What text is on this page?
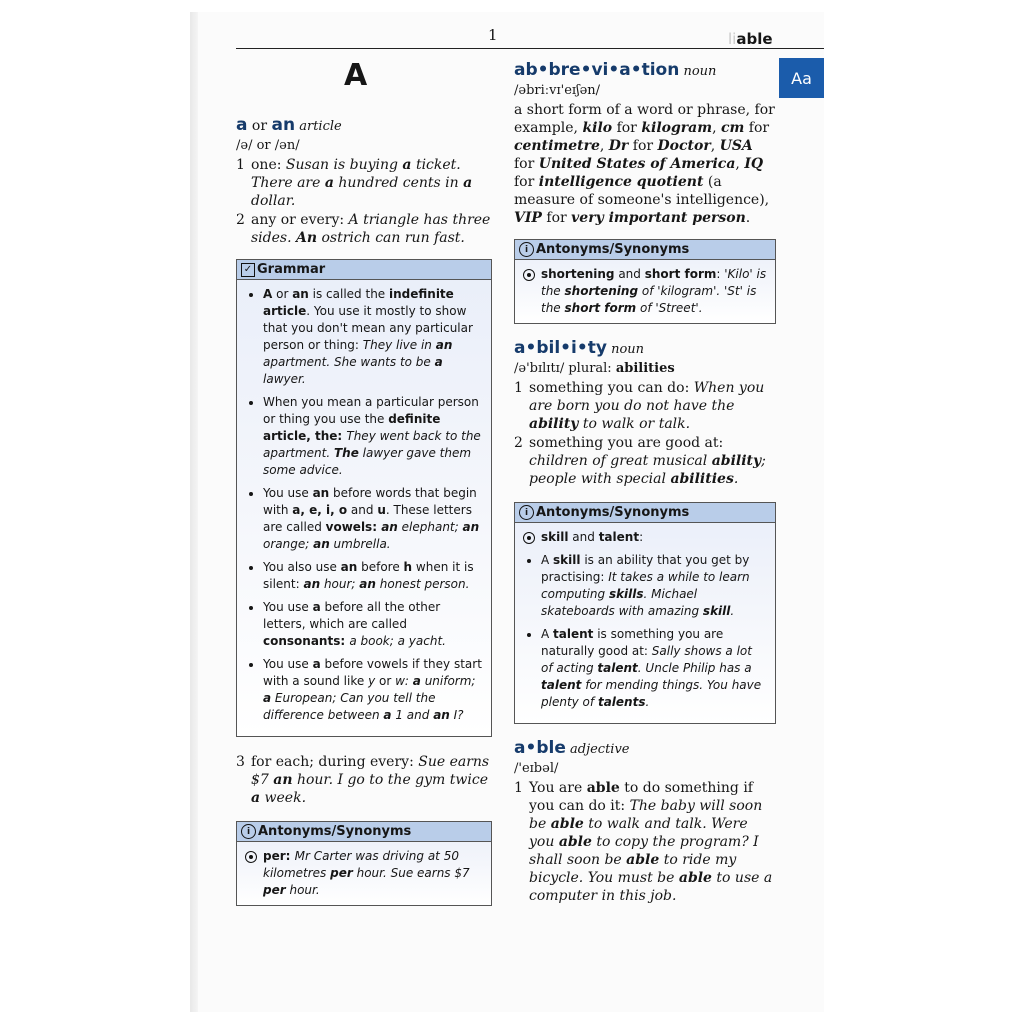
1	liable
Aa
A
a or an article
/ə/ or /ən/
1 one: Susan is buying a ticket. There are a hundred cents in a dollar.
2 any or every: A triangle has three sides. An ostrich can run fast.
✓ Grammar
• A or an is called the indefinite article. You use it mostly to show that you don't mean any particular person or thing: They live in an apartment. She wants to be a lawyer.
• When you mean a particular person or thing you use the definite article, the: They went back to the apartment. The lawyer gave them some advice.
• You use an before words that begin with a, e, i, o and u. These letters are called vowels: an elephant; an orange; an umbrella.
• You also use an before h when it is silent: an hour; an honest person.
• You use a before all the other letters, which are called consonants: a book; a yacht.
• You use a before vowels if they start with a sound like y or w: a uniform; a European; Can you tell the difference between a 1 and an I?
3 for each; during every: Sue earns $7 an hour. I go to the gym twice a week.
i Antonyms/Synonyms
per: Mr Carter was driving at 50 kilometres per hour. Sue earns $7 per hour.
ab•bre•vi•a•tion noun
/əbriːvɪ'eɪʃən/
a short form of a word or phrase, for example, kilo for kilogram, cm for centimetre, Dr for Doctor, USA for United States of America, IQ for intelligence quotient (a measure of someone's intelligence), VIP for very important person.
i Antonyms/Synonyms
shortening and short form: 'Kilo' is the shortening of 'kilogram'. 'St' is the short form of 'Street'.
a•bil•i•ty noun
/ə'bɪlɪtɪ/ plural: abilities
1 something you can do: When you are born you do not have the ability to walk or talk.
2 something you are good at: children of great musical ability; people with special abilities.
i Antonyms/Synonyms
skill and talent:
• A skill is an ability that you get by practising: It takes a while to learn computing skills. Michael skateboards with amazing skill.
• A talent is something you are naturally good at: Sally shows a lot of acting talent. Uncle Philip has a talent for mending things. You have plenty of talents.
a•ble adjective
/'eɪbəl/
1 You are able to do something if you can do it: The baby will soon be able to walk and talk. Were you able to copy the program? I shall soon be able to ride my bicycle. You must be able to use a computer in this job.
